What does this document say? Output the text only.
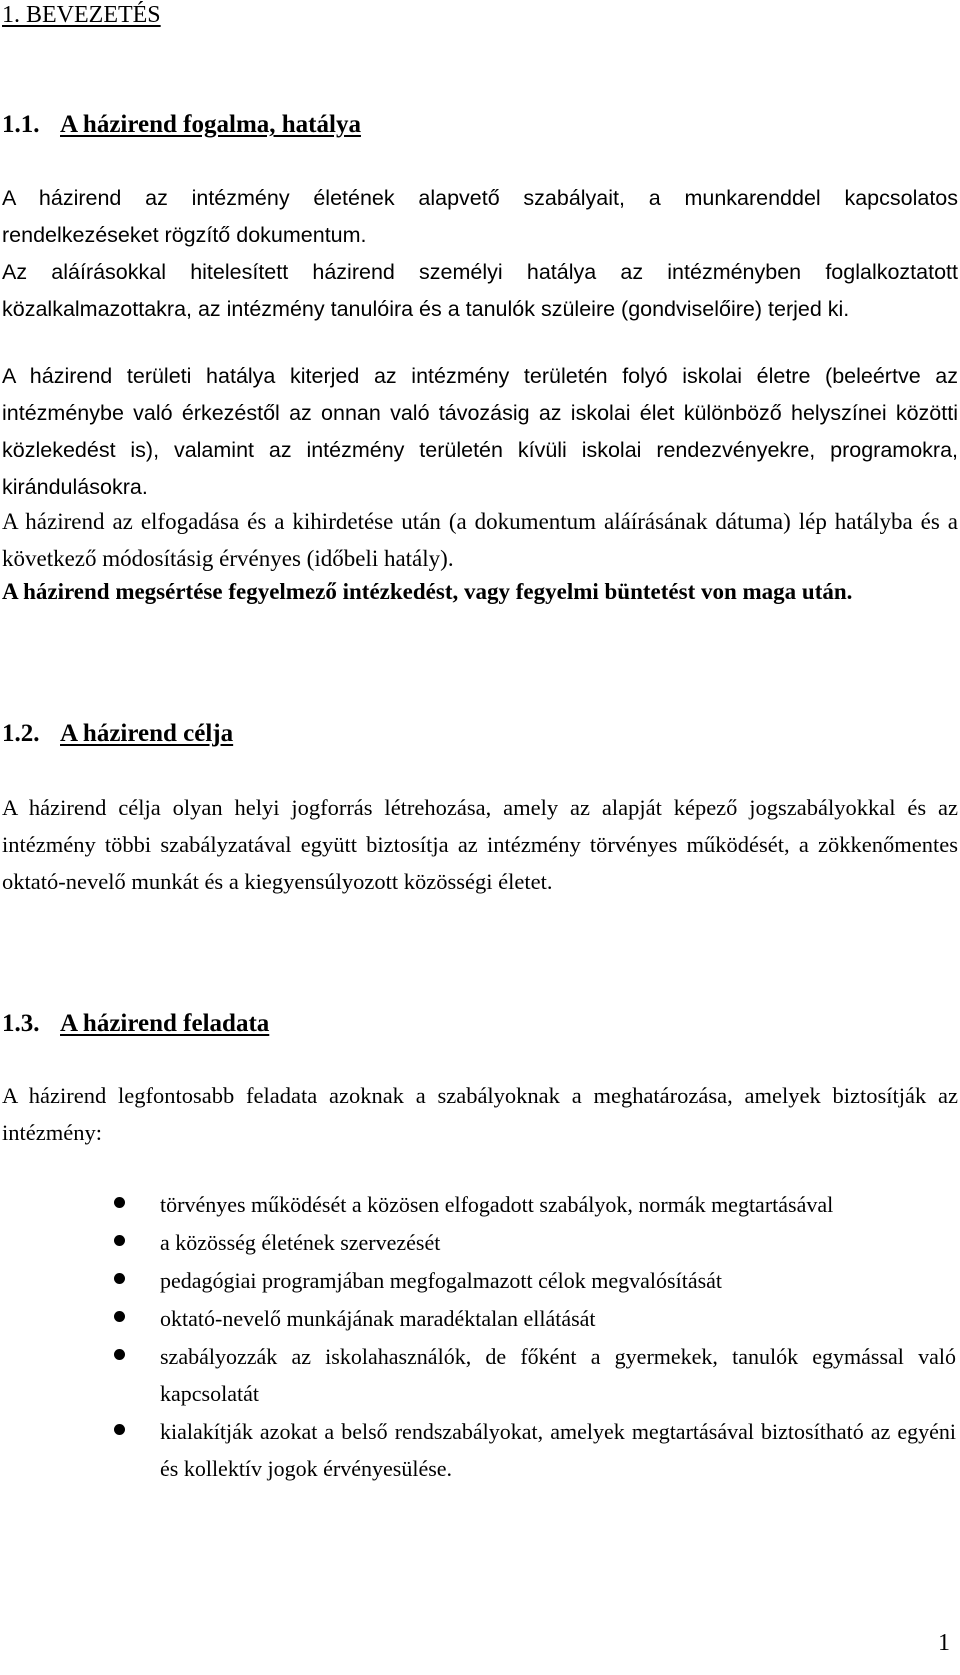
1. BEVEZETÉS
1.1. A házirend fogalma, hatálya

A házirend az intézmény életének alapvető szabályait, a munkarenddel kapcsolatos rendelkezéseket rögzítő dokumentum.

Az aláírásokkal hitelesített házirend személyi hatálya az intézményben foglalkoztatott közalkalmazottakra, az intézmény tanulóira és a tanulók szüleire (gondviselőire) terjed ki.

A házirend területi hatálya kiterjed az intézmény területén folyó iskolai életre (beleértve az intézménybe való érkezéstől az onnan való távozásig az iskolai élet különböző helyszínei közötti közlekedést is), valamint az intézmény területén kívüli iskolai rendezvényekre, programokra, kirándulásokra.

A házirend az elfogadása és a kihirdetése után (a dokumentum aláírásának dátuma) lép hatályba és a következő módosításig érvényes (időbeli hatály).

A házirend megsértése fegyelmező intézkedést, vagy fegyelmi büntetést von maga után.

1.2. A házirend célja

A házirend célja olyan helyi jogforrás létrehozása, amely az alapját képező jogszabályokkal és az intézmény többi szabályzatával együtt biztosítja az intézmény törvényes működését, a zökkenőmentes oktató-nevelő munkát és a kiegyensúlyozott közösségi életet.

1.3. A házirend feladata

A házirend legfontosabb feladata azoknak a szabályoknak a meghatározása, amelyek biztosítják az intézmény:

törvényes működését a közösen elfogadott szabályok, normák megtartásával
a közösség életének szervezését
pedagógiai programjában megfogalmazott célok megvalósítását
oktató-nevelő munkájának maradéktalan ellátását
szabályozzák az iskolahasználók, de főként a gyermekek, tanulók egymással való kapcsolatát
kialakítják azokat a belső rendszabályokat, amelyek megtartásával biztosítható az egyéni és kollektív jogok érvényesülése.
1
